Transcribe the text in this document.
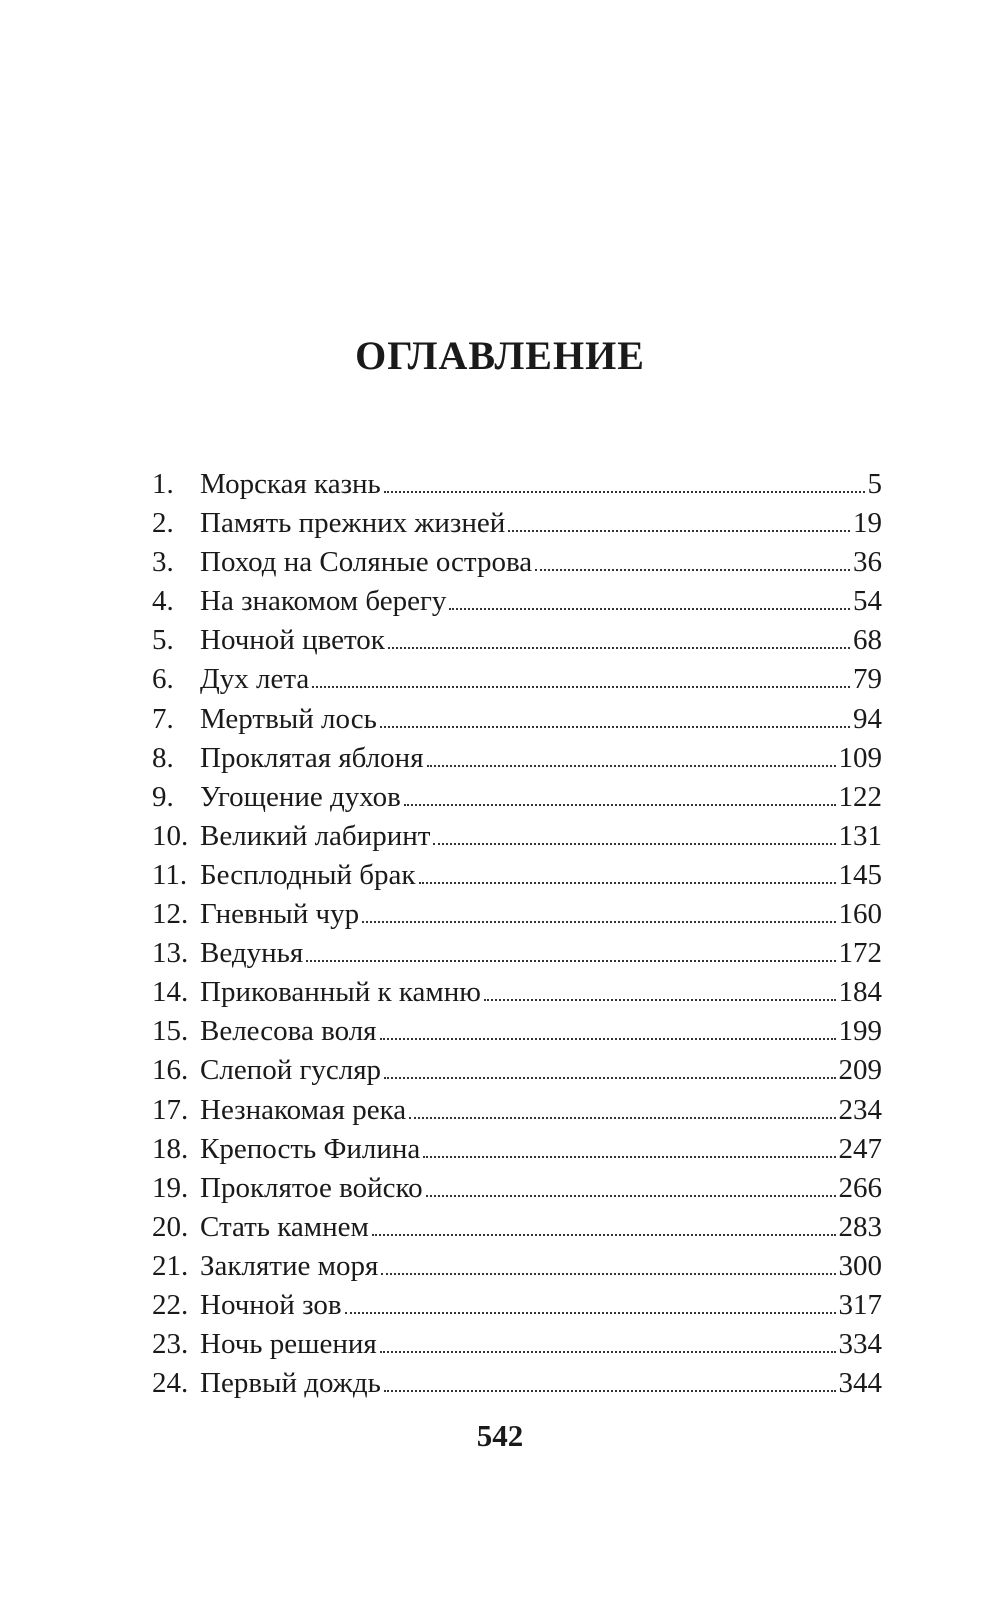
ОГЛАВЛЕНИЕ
1. Морская казнь	5
2. Память прежних жизней	19
3. Поход на Соляные острова	36
4. На знакомом берегу	54
5. Ночной цветок	68
6. Дух лета	79
7. Мертвый лось	94
8. Проклятая яблоня	109
9. Угощение духов	122
10. Великий лабиринт	131
11. Бесплодный брак	145
12. Гневный чур	160
13. Ведунья	172
14. Прикованный к камню	184
15. Велесова воля	199
16. Слепой гусляр	209
17. Незнакомая река	234
18. Крепость Филина	247
19. Проклятое войско	266
20. Стать камнем	283
21. Заклятие моря	300
22. Ночной зов	317
23. Ночь решения	334
24. Первый дождь	344
542
